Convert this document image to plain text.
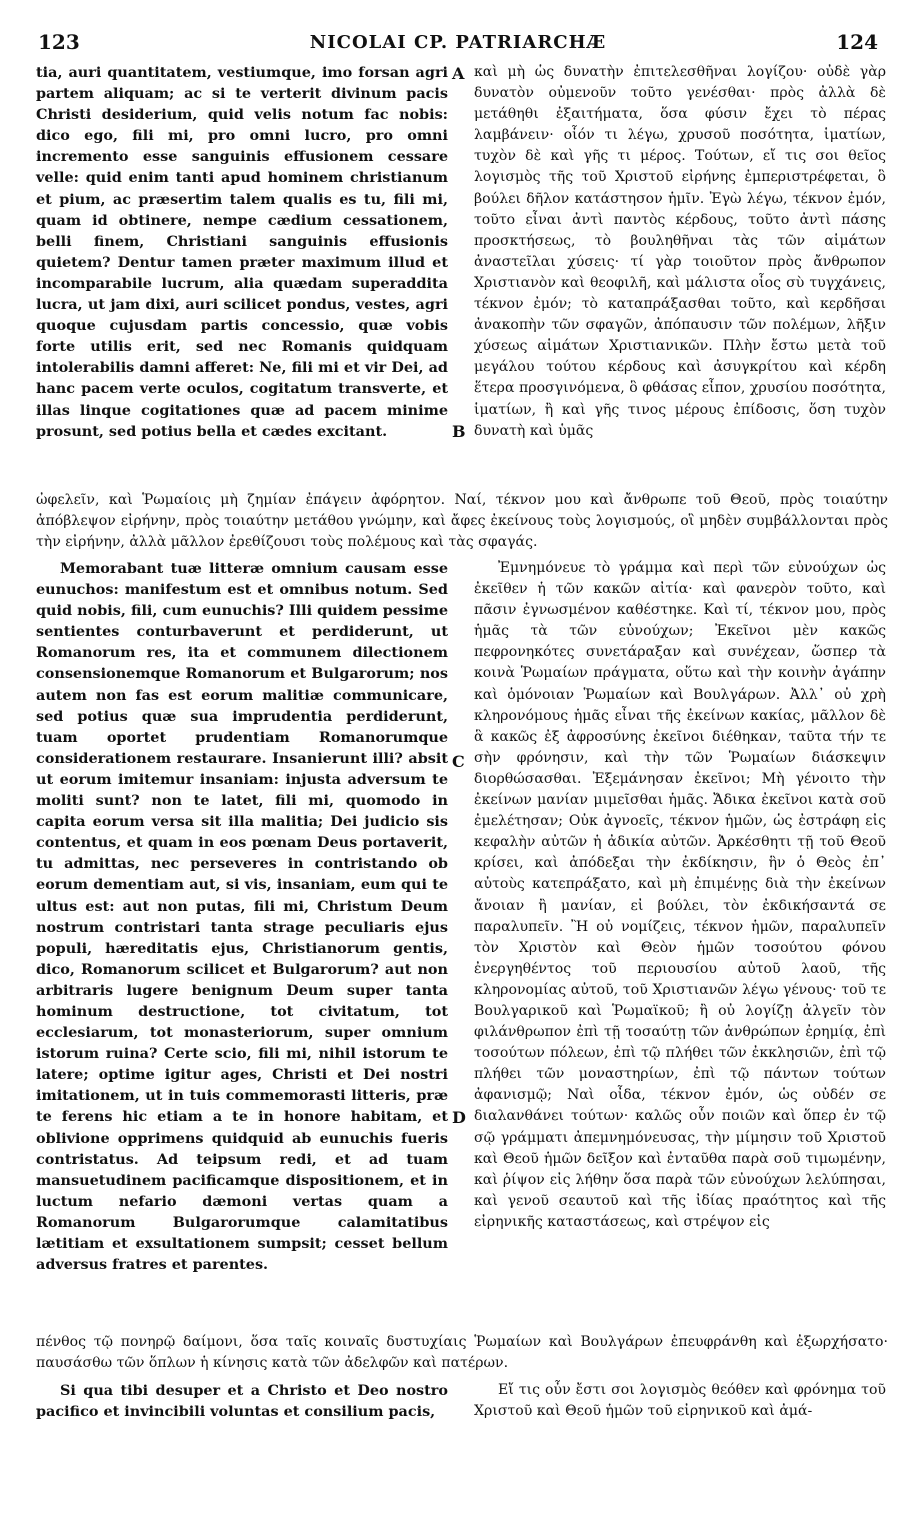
123	NICOLAI CP. PATRIARCHÆ	124

tia, auri quantitatem, vestiumque, imo forsan agri partem aliquam; ac si te verterit divinum pacis Christi desiderium, quid velis notum fac nobis: dico ego, fili mi, pro omni lucro, pro omni incremento esse sanguinis effusionem cessare velle: quid enim tanti apud hominem christianum et pium, ac præsertim talem qualis es tu, fili mi, quam id obtinere, nempe cædium cessationem, belli finem, Christiani sanguinis effusionis quietem? Dentur tamen præter maximum illud et incomparabile lucrum, alia quædam superaddita lucra, ut jam dixi, auri scilicet pondus, vestes, agri quoque cujusdam partis concessio, quæ vobis forte utilis erit, sed nec Romanis quidquam intolerabilis damni afferet: Ne, fili mi et vir Dei, ad hanc pacem verte oculos, cogitatum transverte, et illas linque cogitationes quæ ad pacem minime prosunt, sed potius bella et cædes excitant.

καὶ μὴ ὡς δυνατὴν ἐπιτελεσθῆναι λογίζου· οὐδὲ γὰρ δυνατὸν οὐμενοῦν τοῦτο γενέσθαι· πρὸς ἀλλὰ δὲ μετάθηθι ἐξαιτήματα, ὅσα φύσιν ἔχει τὸ πέρας λαμβάνειν· οἷόν τι λέγω, χρυσοῦ ποσότητα, ἱματίων, τυχὸν δὲ καὶ γῆς τι μέρος. Τούτων, εἴ τις σοι θεῖος λογισμὸς τῆς τοῦ Χριστοῦ εἰρήνης ἐμπεριστρέφεται, ὃ βούλει δῆλον κατάστησον ἡμῖν. Ἐγὼ λέγω, τέκνον ἐμόν, τοῦτο εἶναι ἀντὶ παντὸς κέρδους, τοῦτο ἀντὶ πάσης προσκτήσεως, τὸ βουληθῆναι τὰς τῶν αἱμάτων ἀναστεῖλαι χύσεις· τί γὰρ τοιοῦτον πρὸς ἄνθρωπον Χριστιανὸν καὶ θεοφιλῆ, καὶ μάλιστα οἷος σὺ τυγχάνεις, τέκνον ἐμόν; τὸ καταπράξασθαι τοῦτο, καὶ κερδῆσαι ἀνακοπὴν τῶν σφαγῶν, ἀπόπαυσιν τῶν πολέμων, λῆξιν χύσεως αἱμάτων Χριστιανικῶν. Πλὴν ἔστω μετὰ τοῦ μεγάλου τούτου κέρδους καὶ ἀσυγκρίτου καὶ κέρδη ἕτερα προσγινόμενα, ὃ φθάσας εἶπον, χρυσίου ποσότητα, ἱματίων, ἢ καὶ γῆς τινος μέρους ἐπίδοσις, ὅση τυχὸν δυνατὴ καὶ ὑμᾶς

A
B

ὠφελεῖν, καὶ Ῥωμαίοις μὴ ζημίαν ἐπάγειν ἀφόρητον. Ναί, τέκνον μου καὶ ἄνθρωπε τοῦ Θεοῦ, πρὸς τοιαύτην ἀπόβλεψον εἰρήνην, πρὸς τοιαύτην μετάθου γνώμην, καὶ ἄφες ἐκείνους τοὺς λογισμούς, οἳ μηδὲν συμβάλλονται πρὸς τὴν εἰρήνην, ἀλλὰ μᾶλλον ἐρεθίζουσι τοὺς πολέμους καὶ τὰς σφαγάς.

Memorabant tuæ litteræ omnium causam esse eunuchos: manifestum est et omnibus notum. Sed quid nobis, fili, cum eunuchis? Illi quidem pessime sentientes conturbaverunt et perdiderunt, ut Romanorum res, ita et communem dilectionem consensionemque Romanorum et Bulgarorum; nos autem non fas est eorum malitiæ communicare, sed potius quæ sua imprudentia perdiderunt, tuam oportet prudentiam Romanorumque considerationem restaurare. Insanierunt illi? absit ut eorum imitemur insaniam: injusta adversum te moliti sunt? non te latet, fili mi, quomodo in capita eorum versa sit illa malitia; Dei judicio sis contentus, et quam in eos pœnam Deus portaverit, tu admittas, nec perseveres in contristando ob eorum dementiam aut, si vis, insaniam, eum qui te ultus est: aut non putas, fili mi, Christum Deum nostrum contristari tanta strage peculiaris ejus populi, hæreditatis ejus, Christianorum gentis, dico, Romanorum scilicet et Bulgarorum? aut non arbitraris lugere benignum Deum super tanta hominum destructione, tot civitatum, tot ecclesiarum, tot monasteriorum, super omnium istorum ruina? Certe scio, fili mi, nihil istorum te latere; optime igitur ages, Christi et Dei nostri imitationem, ut in tuis commemorasti litteris, præ te ferens hic etiam a te in honore habitam, et oblivione opprimens quidquid ab eunuchis fueris contristatus. Ad teipsum redi, et ad tuam mansuetudinem pacificamque dispositionem, et in luctum nefario dæmoni vertas quam a Romanorum Bulgarorumque calamitatibus lætitiam et exsultationem sumpsit; cesset bellum adversus fratres et parentes.

Ἐμνημόνευε τὸ γράμμα καὶ περὶ τῶν εὐνούχων ὡς ἐκεῖθεν ἡ τῶν κακῶν αἰτία· καὶ φανερὸν τοῦτο, καὶ πᾶσιν ἐγνωσμένον καθέστηκε. Καὶ τί, τέκνον μου, πρὸς ἡμᾶς τὰ τῶν εὐνούχων; Ἐκεῖνοι μὲν κακῶς πεφρονηκότες συνετάραξαν καὶ συνέχεαν, ὥσπερ τὰ κοινὰ Ῥωμαίων πράγματα, οὕτω καὶ τὴν κοινὴν ἀγάπην καὶ ὁμόνοιαν Ῥωμαίων καὶ Βουλγάρων. Ἀλλ᾽ οὐ χρὴ κληρονόμους ἡμᾶς εἶναι τῆς ἐκείνων κακίας, μᾶλλον δὲ ἃ κακῶς ἐξ ἀφροσύνης ἐκεῖνοι διέθηκαν, ταῦτα τήν τε σὴν φρόνησιν, καὶ τὴν τῶν Ῥωμαίων διάσκεψιν διορθώσασθαι. Ἐξεμάνησαν ἐκεῖνοι; Μὴ γένοιτο τὴν ἐκείνων μανίαν μιμεῖσθαι ἡμᾶς. Ἄδικα ἐκεῖνοι κατὰ σοῦ ἐμελέτησαν; Οὐκ ἀγνοεῖς, τέκνον ἡμῶν, ὡς ἐστράφη εἰς κεφαλὴν αὐτῶν ἡ ἀδικία αὐτῶν. Ἀρκέσθητι τῇ τοῦ Θεοῦ κρίσει, καὶ ἀπόδεξαι τὴν ἐκδίκησιν, ἣν ὁ Θεὸς ἐπ᾽ αὐτοὺς κατεπράξατο, καὶ μὴ ἐπιμένῃς διὰ τὴν ἐκείνων ἄνοιαν ἢ μανίαν, εἰ βούλει, τὸν ἐκδικήσαντά σε παραλυπεῖν. Ἢ οὐ νομίζεις, τέκνον ἡμῶν, παραλυπεῖν τὸν Χριστὸν καὶ Θεὸν ἡμῶν τοσούτου φόνου ἐνεργηθέντος τοῦ περιουσίου αὐτοῦ λαοῦ, τῆς κληρονομίας αὐτοῦ, τοῦ Χριστιανῶν λέγω γένους· τοῦ τε Βουλγαρικοῦ καὶ Ῥωμαϊκοῦ; ἢ οὐ λογίζῃ ἀλγεῖν τὸν φιλάνθρωπον ἐπὶ τῇ τοσαύτῃ τῶν ἀνθρώπων ἐρημίᾳ, ἐπὶ τοσούτων πόλεων, ἐπὶ τῷ πλήθει τῶν ἐκκλησιῶν, ἐπὶ τῷ πλήθει τῶν μοναστηρίων, ἐπὶ τῷ πάντων τούτων ἀφανισμῷ; Ναὶ οἶδα, τέκνον ἐμόν, ὡς οὐδέν σε διαλανθάνει τούτων· καλῶς οὖν ποιῶν καὶ ὅπερ ἐν τῷ σῷ γράμματι ἀπεμνημόνευσας, τὴν μίμησιν τοῦ Χριστοῦ καὶ Θεοῦ ἡμῶν δεῖξον καὶ ἐνταῦθα παρὰ σοῦ τιμωμένην, καὶ ῥίψον εἰς λήθην ὅσα παρὰ τῶν εὐνούχων λελύπησαι, καὶ γενοῦ σεαυτοῦ καὶ τῆς ἰδίας πραότητος καὶ τῆς εἰρηνικῆς καταστάσεως, καὶ στρέψον εἰς

C
D

πένθος τῷ πονηρῷ δαίμονι, ὅσα ταῖς κοιναῖς δυστυχίαις Ῥωμαίων καὶ Βουλγάρων ἐπευφράνθη καὶ ἐξωρχήσατο· παυσάσθω τῶν ὅπλων ἡ κίνησις κατὰ τῶν ἀδελφῶν καὶ πατέρων.

Si qua tibi desuper et a Christo et Deo nostro pacifico et invincibili voluntas et consilium pacis,

Εἴ τις οὖν ἔστι σοι λογισμὸς θεόθεν καὶ φρόνημα τοῦ Χριστοῦ καὶ Θεοῦ ἡμῶν τοῦ εἰρηνικοῦ καὶ ἀμά-
